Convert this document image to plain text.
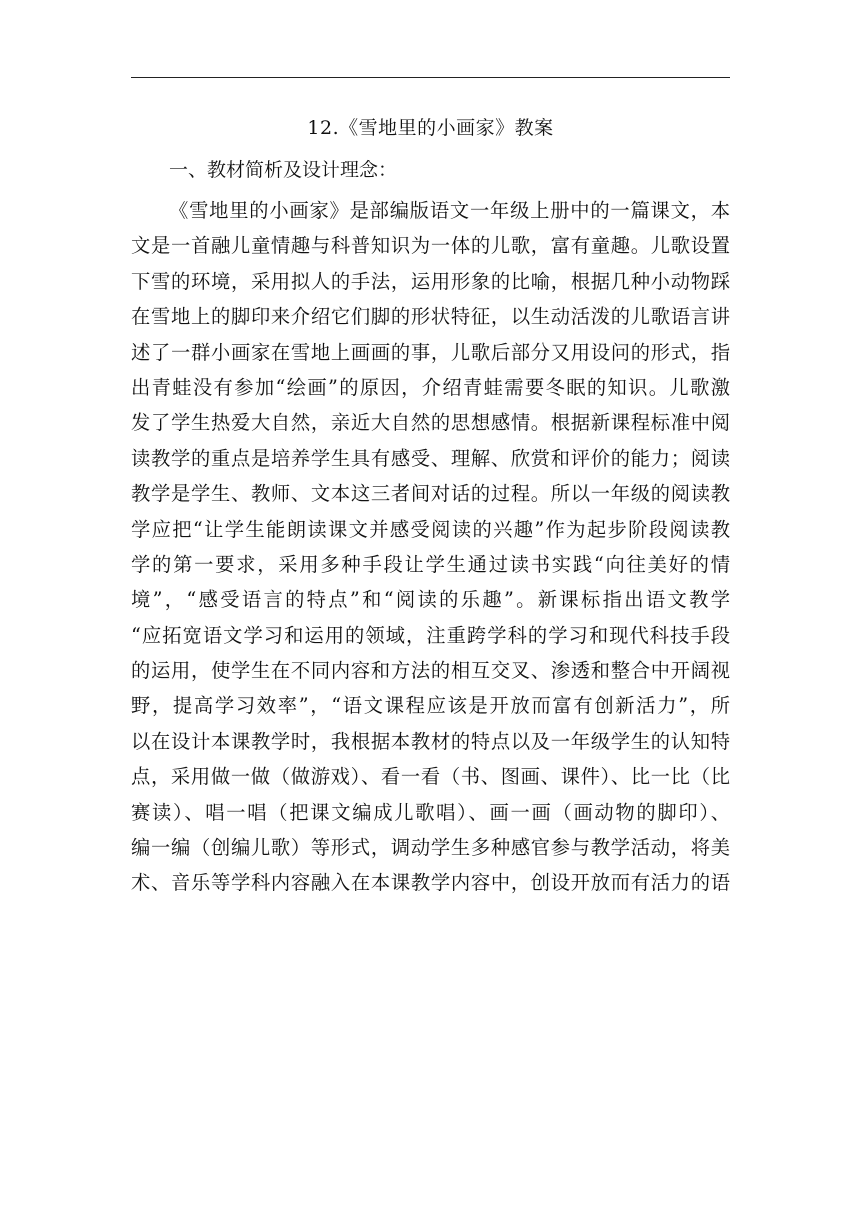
12.《雪地里的小画家》教案
一、教材简析及设计理念：
《雪地里的小画家》是部编版语文一年级上册中的一篇课文，本
文是一首融儿童情趣与科普知识为一体的儿歌，富有童趣。儿歌设置
下雪的环境，采用拟人的手法，运用形象的比喻，根据几种小动物踩
在雪地上的脚印来介绍它们脚的形状特征，以生动活泼的儿歌语言讲
述了一群小画家在雪地上画画的事，儿歌后部分又用设问的形式，指
出青蛙没有参加“绘画”的原因，介绍青蛙需要冬眠的知识。儿歌激
发了学生热爱大自然，亲近大自然的思想感情。根据新课程标准中阅
读教学的重点是培养学生具有感受、理解、欣赏和评价的能力；阅读
教学是学生、教师、文本这三者间对话的过程。所以一年级的阅读教
学应把“让学生能朗读课文并感受阅读的兴趣”作为起步阶段阅读教
学的第一要求，采用多种手段让学生通过读书实践“向往美好的情
境”，“感受语言的特点”和“阅读的乐趣”。新课标指出语文教学
“应拓宽语文学习和运用的领域，注重跨学科的学习和现代科技手段
的运用，使学生在不同内容和方法的相互交叉、渗透和整合中开阔视
野，提高学习效率”，“语文课程应该是开放而富有创新活力”，所
以在设计本课教学时，我根据本教材的特点以及一年级学生的认知特
点，采用做一做（做游戏）、看一看（书、图画、课件）、比一比（比
赛读）、唱一唱（把课文编成儿歌唱）、画一画（画动物的脚印）、
编一编（创编儿歌）等形式，调动学生多种感官参与教学活动，将美
术、音乐等学科内容融入在本课教学内容中，创设开放而有活力的语
